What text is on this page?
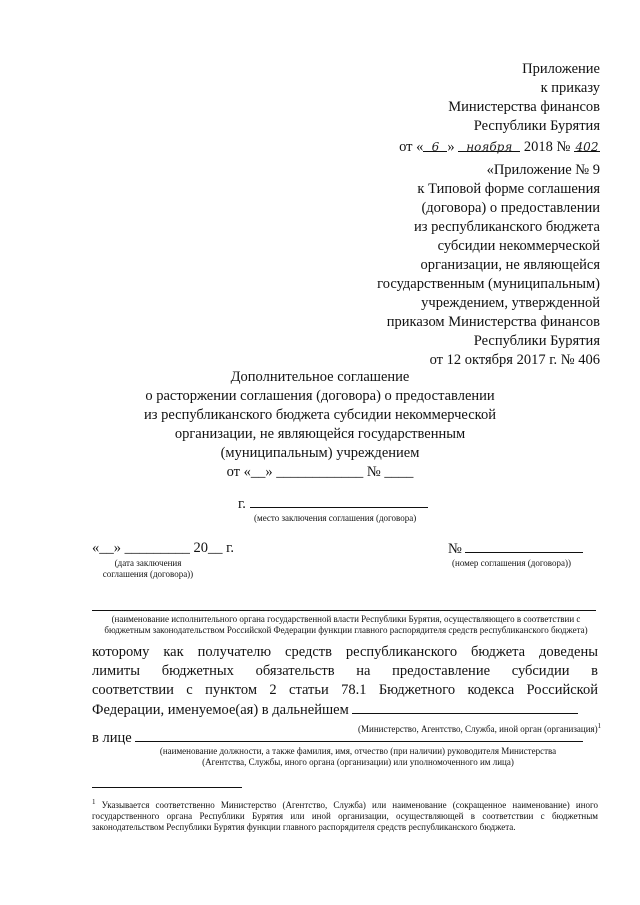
Приложение
к приказу
Министерства финансов
Республики Бурятия
от « 6 » ноября 2018 № 402
«Приложение № 9
к Типовой форме соглашения
(договора) о предоставлении
из республиканского бюджета
субсидии некоммерческой
организации, не являющейся
государственным (муниципальным)
учреждением, утвержденной
приказом Министерства финансов
Республики Бурятия
от 12 октября 2017 г. № 406
Дополнительное соглашение
о расторжении соглашения (договора) о предоставлении
из республиканского бюджета субсидии некоммерческой
организации, не являющейся государственным
(муниципальным) учреждением
от «__» ____________ № ____
г.
(место заключения соглашения (договора)
«__» _________ 20__ г.
(дата заключения
соглашения (договора))
№
(номер соглашения (договора))
(наименование исполнительного органа государственной власти Республики Бурятия, осуществляющего в соответствии с бюджетным законодательством Российской Федерации функции главного распорядителя средств республиканского бюджета)
которому как получателю средств республиканского бюджета доведены
лимиты бюджетных обязательств на предоставление субсидии в
соответствии с пунктом 2 статьи 78.1 Бюджетного кодекса Российской
Федерации, именуемое(ая) в дальнейшем
(Министерство, Агентство, Служба, иной орган (организация)$^1$
в лице
(наименование должности, а также фамилия, имя, отчество (при наличии) руководителя Министерства (Агентства, Службы, иного органа (организации) или уполномоченного им лица)
$^1$ Указывается соответственно Министерство (Агентство, Служба) или наименование (сокращенное наименование) иного государственного органа Республики Бурятия или иной организации, осуществляющей в соответствии с бюджетным законодательством Республики Бурятия функции главного распорядителя средств республиканского бюджета.
